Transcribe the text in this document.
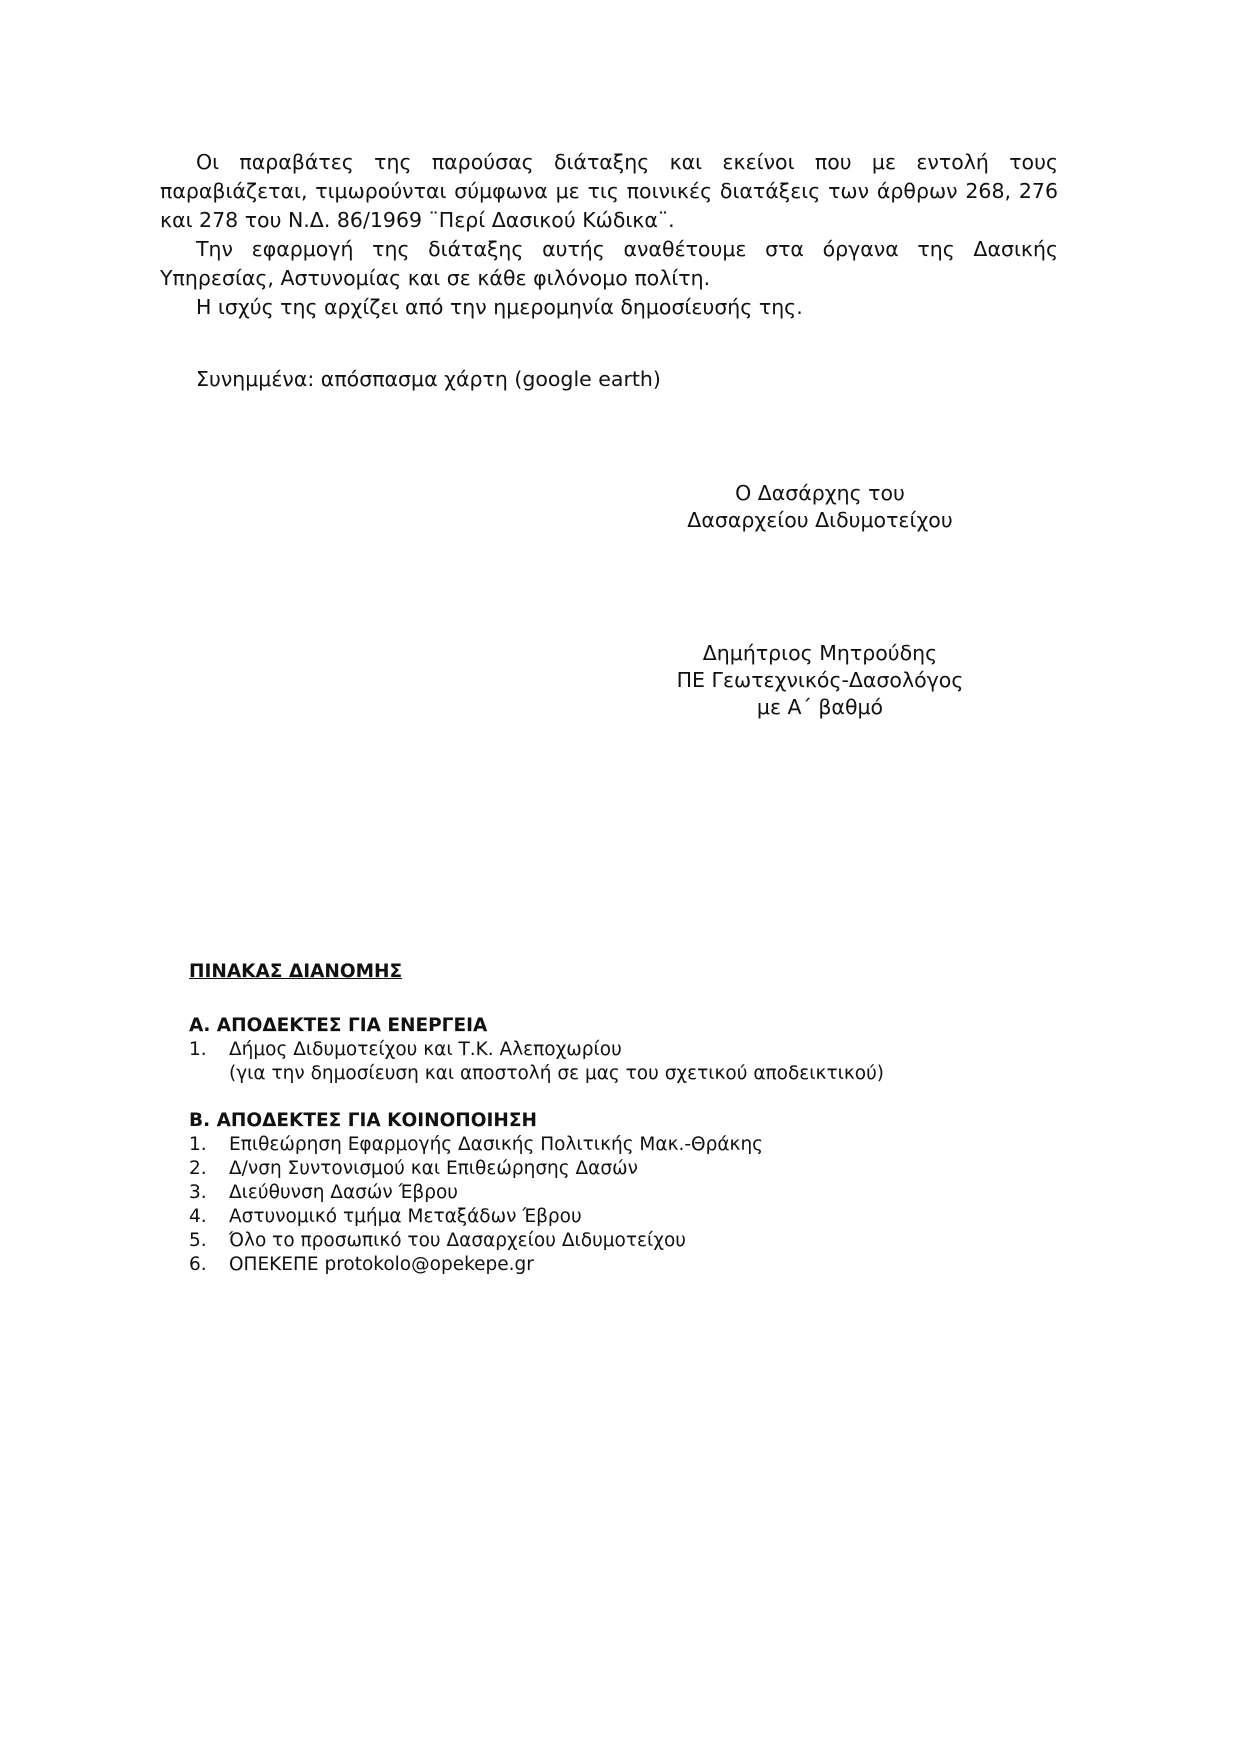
Οι παραβάτες της παρούσας διάταξης και εκείνοι που με εντολή τους παραβιάζεται, τιμωρούνται σύμφωνα με τις ποινικές διατάξεις των άρθρων 268, 276 και 278 του Ν.Δ. 86/1969 ¨Περί Δασικού Κώδικα¨.

Την εφαρμογή της διάταξης αυτής αναθέτουμε στα όργανα της Δασικής Υπηρεσίας, Αστυνομίας και σε κάθε φιλόνομο πολίτη.

Η ισχύς της αρχίζει από την ημερομηνία δημοσίευσής της.

Συνημμένα: απόσπασμα χάρτη (google earth)
Ο Δασάρχης του
Δασαρχείου Διδυμοτείχου
Δημήτριος Μητρούδης
ΠΕ Γεωτεχνικός-Δασολόγος
με Α΄ βαθμό

ΠΙΝΑΚΑΣ ΔΙΑΝΟΜΗΣ

Α. ΑΠΟΔΕΚΤΕΣ ΓΙΑ ΕΝΕΡΓΕΙΑ

1.	Δήμος Διδυμοτείχου και Τ.Κ. Αλεποχωρίου
(για την δημοσίευση και αποστολή σε μας του σχετικού αποδεικτικού)

Β. ΑΠΟΔΕΚΤΕΣ ΓΙΑ ΚΟΙΝΟΠΟΙΗΣΗ

1.	Επιθεώρηση Εφαρμογής Δασικής Πολιτικής Μακ.-Θράκης
2.	Δ/νση Συντονισμού και Επιθεώρησης Δασών
3.	Διεύθυνση Δασών Έβρου
4.	Αστυνομικό τμήμα Μεταξάδων Έβρου
5.	Όλο το προσωπικό του Δασαρχείου Διδυμοτείχου
6.	ΟΠΕΚΕΠΕ protokolo@opekepe.gr
